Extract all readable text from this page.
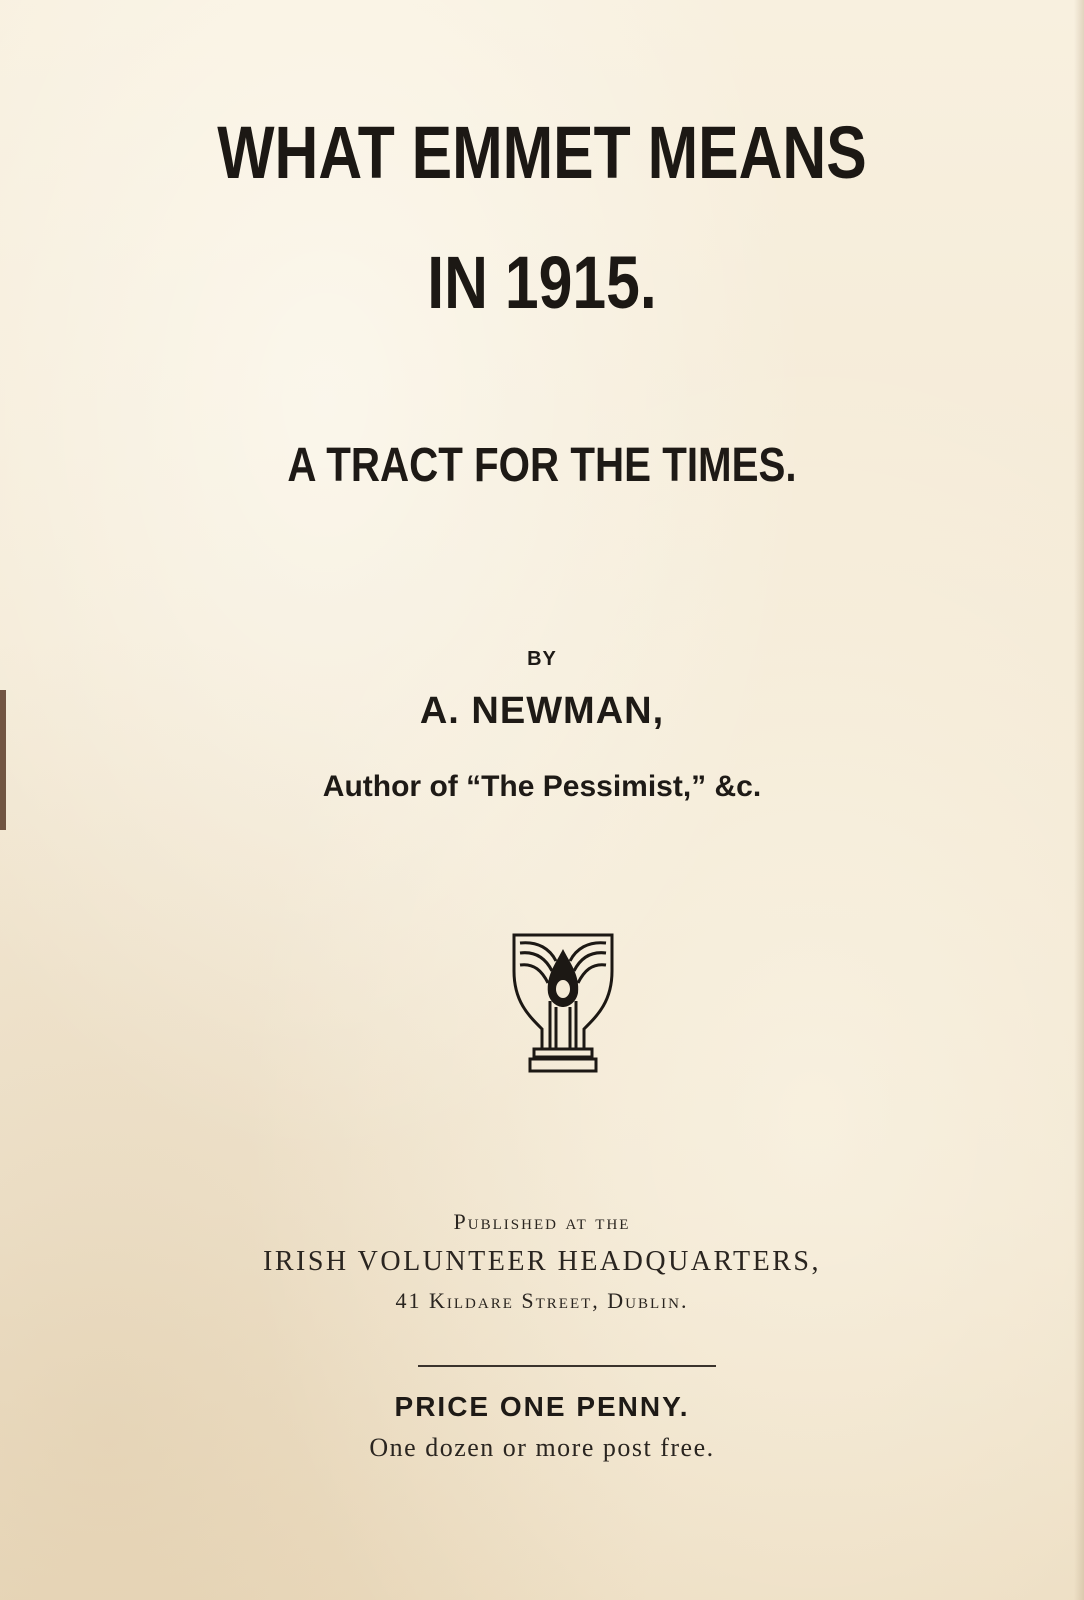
WHAT EMMET MEANS
IN 1915.
A TRACT FOR THE TIMES.
BY
A. NEWMAN,
Author of “The Pessimist,” &c.
Published at the
IRISH VOLUNTEER HEADQUARTERS,
41 Kildare Street, Dublin.
PRICE ONE PENNY.
One dozen or more post free.
